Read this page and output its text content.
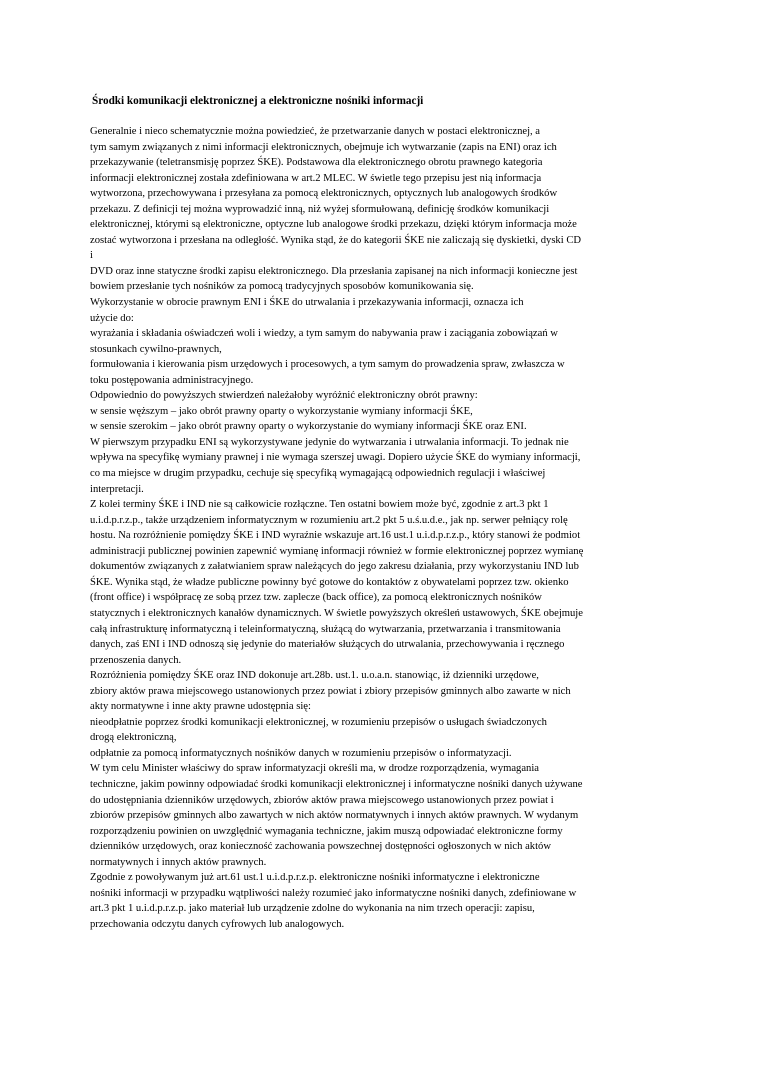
Środki komunikacji elektronicznej a elektroniczne nośniki informacji
Generalnie i nieco schematycznie można powiedzieć, że przetwarzanie danych w postaci elektronicznej, a
tym samym związanych z nimi informacji elektronicznych, obejmuje ich wytwarzanie (zapis na ENI) oraz ich
przekazywanie (teletransmisję poprzez ŚKE). Podstawowa dla elektronicznego obrotu prawnego kategoria
informacji elektronicznej została zdefiniowana w art.2 MLEC. W świetle tego przepisu jest nią informacja
wytworzona, przechowywana i przesyłana za pomocą elektronicznych, optycznych lub analogowych środków
przekazu. Z definicji tej można wyprowadzić inną, niż wyżej sformułowaną, definicję środków komunikacji
elektronicznej, którymi są elektroniczne, optyczne lub analogowe środki przekazu, dzięki którym informacja może
zostać wytworzona i przesłana na odległość. Wynika stąd, że do kategorii ŚKE nie zaliczają się dyskietki, dyski CD
i
DVD oraz inne statyczne środki zapisu elektronicznego. Dla przesłania zapisanej na nich informacji konieczne jest
bowiem przesłanie tych nośników za pomocą tradycyjnych sposobów komunikowania się.
Wykorzystanie w obrocie prawnym ENI i ŚKE do utrwalania i przekazywania informacji, oznacza ich
użycie do:
wyrażania i składania oświadczeń woli i wiedzy, a tym samym do nabywania praw i zaciągania zobowiązań w
stosunkach cywilno-prawnych,
formułowania i kierowania pism urzędowych i procesowych, a tym samym do prowadzenia spraw, zwłaszcza w
toku postępowania administracyjnego.
Odpowiednio do powyższych stwierdzeń należałoby wyróżnić elektroniczny obrót prawny:
w sensie węższym – jako obrót prawny oparty o wykorzystanie wymiany informacji ŚKE,
w sensie szerokim – jako obrót prawny oparty o wykorzystanie do wymiany informacji ŚKE oraz ENI.
W pierwszym przypadku ENI są wykorzystywane jedynie do wytwarzania i utrwalania informacji. To jednak nie
wpływa na specyfikę wymiany prawnej i nie wymaga szerszej uwagi. Dopiero użycie ŚKE do wymiany informacji,
co ma miejsce w drugim przypadku, cechuje się specyfiką wymagającą odpowiednich regulacji i właściwej
interpretacji.
Z kolei terminy ŚKE i IND nie są całkowicie rozłączne. Ten ostatni bowiem może być, zgodnie z art.3 pkt 1
u.i.d.p.r.z.p., także urządzeniem informatycznym w rozumieniu art.2 pkt 5 u.ś.u.d.e., jak np. serwer pełniący rolę
hostu. Na rozróżnienie pomiędzy ŚKE i IND wyraźnie wskazuje art.16 ust.1 u.i.d.p.r.z.p., który stanowi że podmiot
administracji publicznej powinien zapewnić wymianę informacji również w formie elektronicznej poprzez wymianę
dokumentów związanych z załatwianiem spraw należących do jego zakresu działania, przy wykorzystaniu IND lub
ŚKE. Wynika stąd, że władze publiczne powinny być gotowe do kontaktów z obywatelami poprzez tzw. okienko
(front office) i współpracę ze sobą przez tzw. zaplecze (back office), za pomocą elektronicznych nośników
statycznych i elektronicznych kanałów dynamicznych. W świetle powyższych określeń ustawowych, ŚKE obejmuje
całą infrastrukturę informatyczną i teleinformatyczną, służącą do wytwarzania, przetwarzania i transmitowania
danych, zaś ENI i IND odnoszą się jedynie do materiałów służących do utrwalania, przechowywania i ręcznego
przenoszenia danych.
Rozróżnienia pomiędzy ŚKE oraz IND dokonuje art.28b. ust.1. u.o.a.n. stanowiąc, iż dzienniki urzędowe,
zbiory aktów prawa miejscowego ustanowionych przez powiat i zbiory przepisów gminnych albo zawarte w nich
akty normatywne i inne akty prawne udostępnia się:
nieodpłatnie poprzez środki komunikacji elektronicznej, w rozumieniu przepisów o usługach świadczonych
drogą elektroniczną,
odpłatnie za pomocą informatycznych nośników danych w rozumieniu przepisów o informatyzacji.
W tym celu Minister właściwy do spraw informatyzacji określi ma, w drodze rozporządzenia, wymagania
techniczne, jakim powinny odpowiadać środki komunikacji elektronicznej i informatyczne nośniki danych używane
do udostępniania dzienników urzędowych, zbiorów aktów prawa miejscowego ustanowionych przez powiat i
zbiorów przepisów gminnych albo zawartych w nich aktów normatywnych i innych aktów prawnych. W wydanym
rozporządzeniu powinien on uwzględnić wymagania techniczne, jakim muszą odpowiadać elektroniczne formy
dzienników urzędowych, oraz konieczność zachowania powszechnej dostępności ogłoszonych w nich aktów
normatywnych i innych aktów prawnych.
Zgodnie z powoływanym już art.61 ust.1 u.i.d.p.r.z.p. elektroniczne nośniki informatyczne i elektroniczne
nośniki informacji w przypadku wątpliwości należy rozumieć jako informatyczne nośniki danych, zdefiniowane w
art.3 pkt 1 u.i.d.p.r.z.p. jako materiał lub urządzenie zdolne do wykonania na nim trzech operacji: zapisu,
przechowania odczytu danych cyfrowych lub analogowych.
